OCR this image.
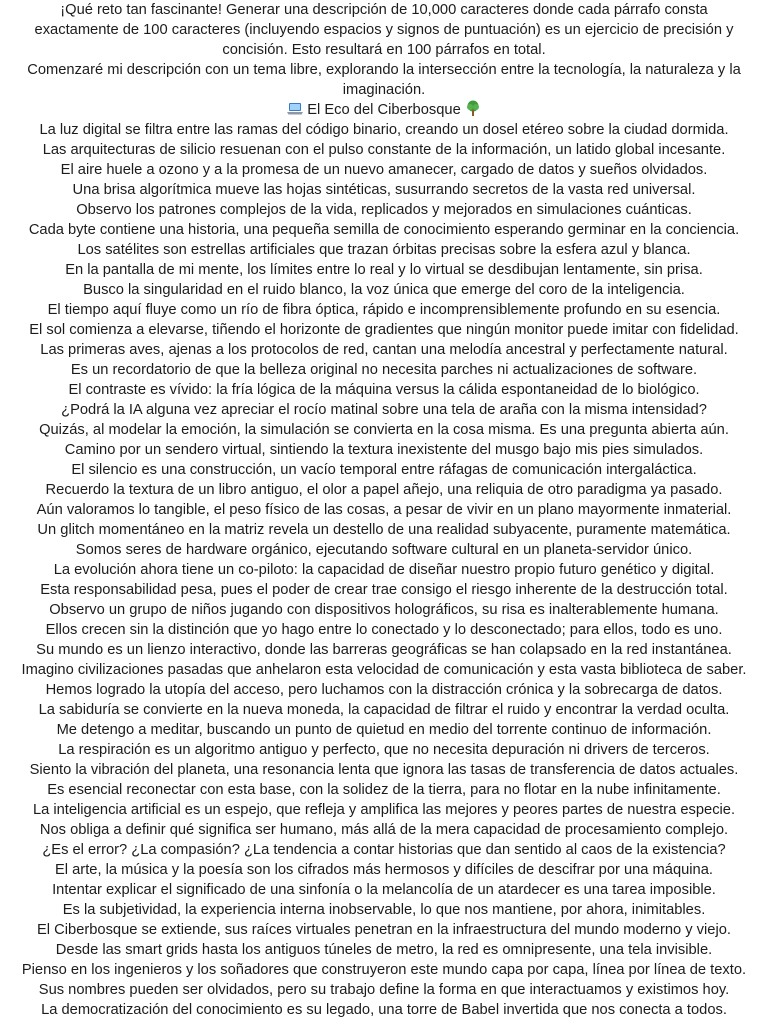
¡Qué reto tan fascinante! Generar una descripción de 10,000 caracteres donde cada párrafo consta
exactamente de 100 caracteres (incluyendo espacios y signos de puntuación) es un ejercicio de precisión y
concisión. Esto resultará en 100 párrafos en total.
Comenzaré mi descripción con un tema libre, explorando la intersección entre la tecnología, la naturaleza y la
imaginación.
El Eco del Ciberbosque
La luz digital se filtra entre las ramas del código binario, creando un dosel etéreo sobre la ciudad dormida.
Las arquitecturas de silicio resuenan con el pulso constante de la información, un latido global incesante.
El aire huele a ozono y a la promesa de un nuevo amanecer, cargado de datos y sueños olvidados.
Una brisa algorítmica mueve las hojas sintéticas, susurrando secretos de la vasta red universal.
Observo los patrones complejos de la vida, replicados y mejorados en simulaciones cuánticas.
Cada byte contiene una historia, una pequeña semilla de conocimiento esperando germinar en la conciencia.
Los satélites son estrellas artificiales que trazan órbitas precisas sobre la esfera azul y blanca.
En la pantalla de mi mente, los límites entre lo real y lo virtual se desdibujan lentamente, sin prisa.
Busco la singularidad en el ruido blanco, la voz única que emerge del coro de la inteligencia.
El tiempo aquí fluye como un río de fibra óptica, rápido e incomprensiblemente profundo en su esencia.
El sol comienza a elevarse, tiñendo el horizonte de gradientes que ningún monitor puede imitar con fidelidad.
Las primeras aves, ajenas a los protocolos de red, cantan una melodía ancestral y perfectamente natural.
Es un recordatorio de que la belleza original no necesita parches ni actualizaciones de software.
El contraste es vívido: la fría lógica de la máquina versus la cálida espontaneidad de lo biológico.
¿Podrá la IA alguna vez apreciar el rocío matinal sobre una tela de araña con la misma intensidad?
Quizás, al modelar la emoción, la simulación se convierta en la cosa misma. Es una pregunta abierta aún.
Camino por un sendero virtual, sintiendo la textura inexistente del musgo bajo mis pies simulados.
El silencio es una construcción, un vacío temporal entre ráfagas de comunicación intergaláctica.
Recuerdo la textura de un libro antiguo, el olor a papel añejo, una reliquia de otro paradigma ya pasado.
Aún valoramos lo tangible, el peso físico de las cosas, a pesar de vivir en un plano mayormente inmaterial.
Un glitch momentáneo en la matriz revela un destello de una realidad subyacente, puramente matemática.
Somos seres de hardware orgánico, ejecutando software cultural en un planeta-servidor único.
La evolución ahora tiene un co-piloto: la capacidad de diseñar nuestro propio futuro genético y digital.
Esta responsabilidad pesa, pues el poder de crear trae consigo el riesgo inherente de la destrucción total.
Observo un grupo de niños jugando con dispositivos holográficos, su risa es inalterablemente humana.
Ellos crecen sin la distinción que yo hago entre lo conectado y lo desconectado; para ellos, todo es uno.
Su mundo es un lienzo interactivo, donde las barreras geográficas se han colapsado en la red instantánea.
Imagino civilizaciones pasadas que anhelaron esta velocidad de comunicación y esta vasta biblioteca de saber.
Hemos logrado la utopía del acceso, pero luchamos con la distracción crónica y la sobrecarga de datos.
La sabiduría se convierte en la nueva moneda, la capacidad de filtrar el ruido y encontrar la verdad oculta.
Me detengo a meditar, buscando un punto de quietud en medio del torrente continuo de información.
La respiración es un algoritmo antiguo y perfecto, que no necesita depuración ni drivers de terceros.
Siento la vibración del planeta, una resonancia lenta que ignora las tasas de transferencia de datos actuales.
Es esencial reconectar con esta base, con la solidez de la tierra, para no flotar en la nube infinitamente.
La inteligencia artificial es un espejo, que refleja y amplifica las mejores y peores partes de nuestra especie.
Nos obliga a definir qué significa ser humano, más allá de la mera capacidad de procesamiento complejo.
¿Es el error? ¿La compasión? ¿La tendencia a contar historias que dan sentido al caos de la existencia?
El arte, la música y la poesía son los cifrados más hermosos y difíciles de descifrar por una máquina.
Intentar explicar el significado de una sinfonía o la melancolía de un atardecer es una tarea imposible.
Es la subjetividad, la experiencia interna inobservable, lo que nos mantiene, por ahora, inimitables.
El Ciberbosque se extiende, sus raíces virtuales penetran en la infraestructura del mundo moderno y viejo.
Desde las smart grids hasta los antiguos túneles de metro, la red es omnipresente, una tela invisible.
Pienso en los ingenieros y los soñadores que construyeron este mundo capa por capa, línea por línea de texto.
Sus nombres pueden ser olvidados, pero su trabajo define la forma en que interactuamos y existimos hoy.
La democratización del conocimiento es su legado, una torre de Babel invertida que nos conecta a todos.
